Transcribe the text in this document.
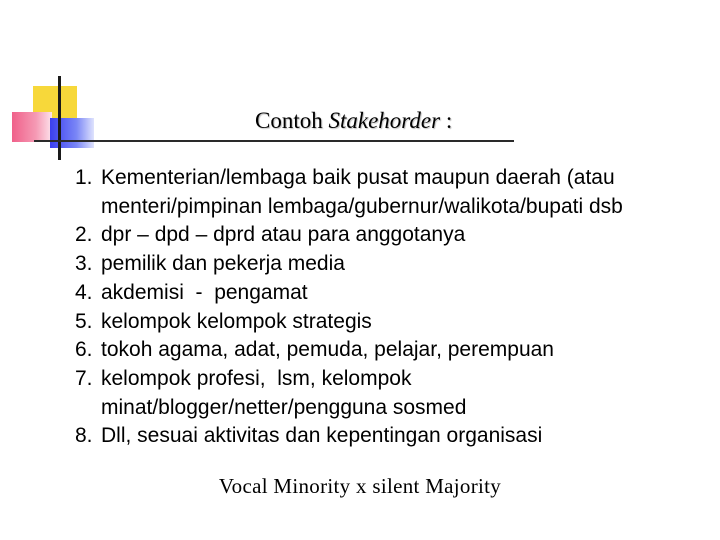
Contoh Stakehorder :
1. Kementerian/lembaga baik pusat maupun daerah (atau menteri/pimpinan lembaga/gubernur/walikota/bupati dsb
2. dpr – dpd – dprd atau para anggotanya
3. pemilik dan pekerja media
4. akdemisi  -  pengamat
5. kelompok kelompok strategis
6. tokoh agama, adat, pemuda, pelajar, perempuan
7. kelompok profesi,  lsm, kelompok minat/blogger/netter/pengguna sosmed
8. Dll, sesuai aktivitas dan kepentingan organisasi
Vocal Minority x silent Majority
